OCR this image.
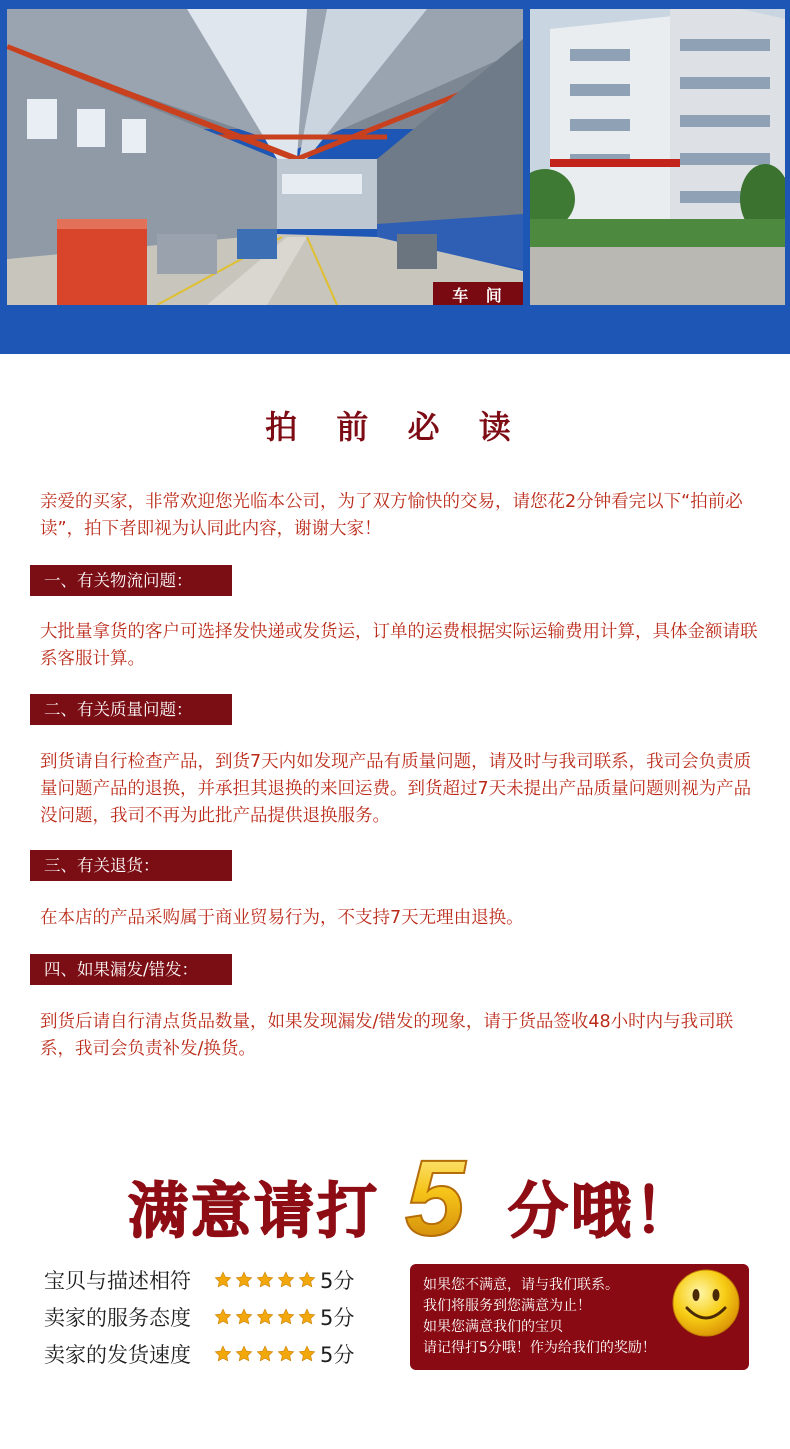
车 间
拍 前 必 读

亲爱的买家，非常欢迎您光临本公司，为了双方愉快的交易，请您花2分钟看完以下“拍前必读”，拍下者即视为认同此内容，谢谢大家！

一、有关物流问题：

大批量拿货的客户可选择发快递或发货运，订单的运费根据实际运输费用计算，具体金额请联系客服计算。

二、有关质量问题：

到货请自行检查产品，到货7天内如发现产品有质量问题，请及时与我司联系，我司会负责质量问题产品的退换，并承担其退换的来回运费。到货超过7天未提出产品质量问题则视为产品没问题，我司不再为此批产品提供退换服务。

三、有关退货：

在本店的产品采购属于商业贸易行为，不支持7天无理由退换。

四、如果漏发/错发：

到货后请自行清点货品数量，如果发现漏发/错发的现象，请于货品签收48小时内与我司联系，我司会负责补发/换货。

满意请打 5 分哦！
宝贝与描述相符	5分
卖家的服务态度	5分
卖家的发货速度	5分
如果您不满意，请与我们联系。
我们将服务到您满意为止！
如果您满意我们的宝贝
请记得打5分哦！作为给我们的奖励！
